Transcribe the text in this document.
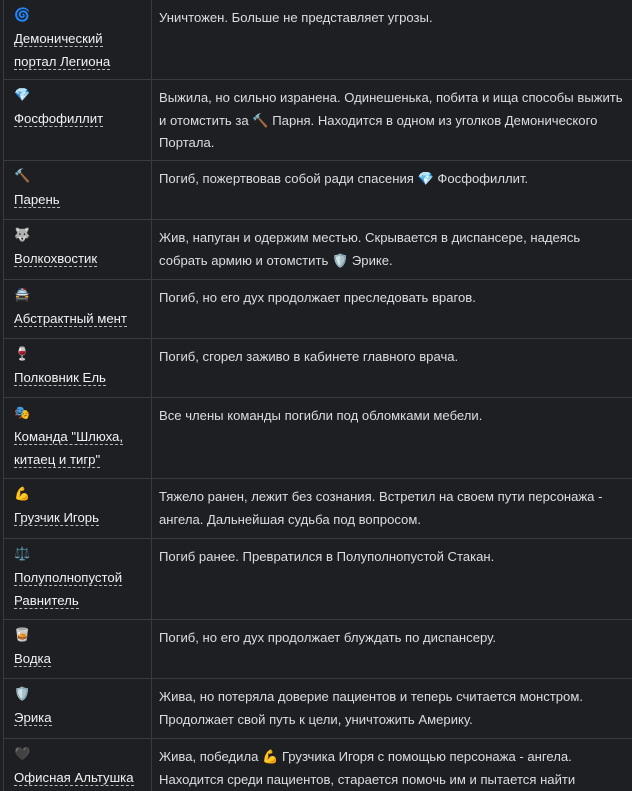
🌀
Демонический портал Легиона
Уничтожен. Больше не представляет угрозы.
💎
Фосфофиллит
Выжила, но сильно изранена. Одинешенька, побита и ища способы выжить и отомстить за 🔨 Парня. Находится в одном из уголков Демонического Портала.
🔨
Парень
Погиб, пожертвовав собой ради спасения 💎 Фосфофиллит.
🐺
Волкохвостик
Жив, напуган и одержим местью. Скрывается в диспансере, надеясь собрать армию и отомстить 🛡️ Эрике.
🚔
Абстрактный мент
Погиб, но его дух продолжает преследовать врагов.
🍷
Полковник Ель
Погиб, сгорел заживо в кабинете главного врача.
🎭
Команда "Шлюха, китаец и тигр"
Все члены команды погибли под обломками мебели.
💪
Грузчик Игорь
Тяжело ранен, лежит без сознания. Встретил на своем пути персонажа - ангела. Дальнейшая судьба под вопросом.
⚖️
Полуполнопустой Равнитель
Погиб ранее. Превратился в Полуполнопустой Стакан.
🥃
Водка
Погиб, но его дух продолжает блуждать по диспансеру.
🛡️
Эрика
Жива, но потеряла доверие пациентов и теперь считается монстром. Продолжает свой путь к цели, уничтожить Америку.
🖤
Офисная Альтушка
Жива, победила 💪 Грузчика Игоря с помощью персонажа - ангела. Находится среди пациентов, старается помочь им и пытается найти
